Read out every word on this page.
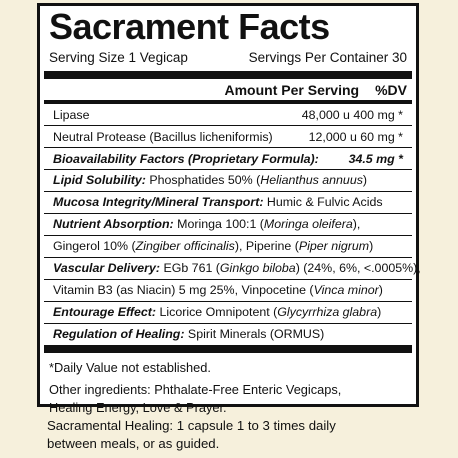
Sacrament Facts
Serving Size 1 Vegicap	Servings Per Container 30
Amount Per Serving %DV
Lipase	48,000 u 400 mg *
Neutral Protease (Bacillus licheniformis)	12,000 u 60 mg *
Bioavailability Factors (Proprietary Formula): 34.5 mg *
Lipid Solubility: Phosphatides 50% (Helianthus annuus)
Mucosa Integrity/Mineral Transport: Humic & Fulvic Acids
Nutrient Absorption: Moringa 100:1 (Moringa oleifera),
Gingerol 10% (Zingiber officinalis), Piperine (Piper nigrum)
Vascular Delivery: EGb 761 (Ginkgo biloba) (24%, 6%, <.0005%),
Vitamin B3 (as Niacin) 5 mg 25%, Vinpocetine (Vinca minor)
Entourage Effect: Licorice Omnipotent (Glycyrrhiza glabra)
Regulation of Healing: Spirit Minerals (ORMUS)
*Daily Value not established.
Other ingredients: Phthalate-Free Enteric Vegicaps,
Healing Energy, Love & Prayer.
Sacramental Healing: 1 capsule 1 to 3 times daily
between meals, or as guided.
